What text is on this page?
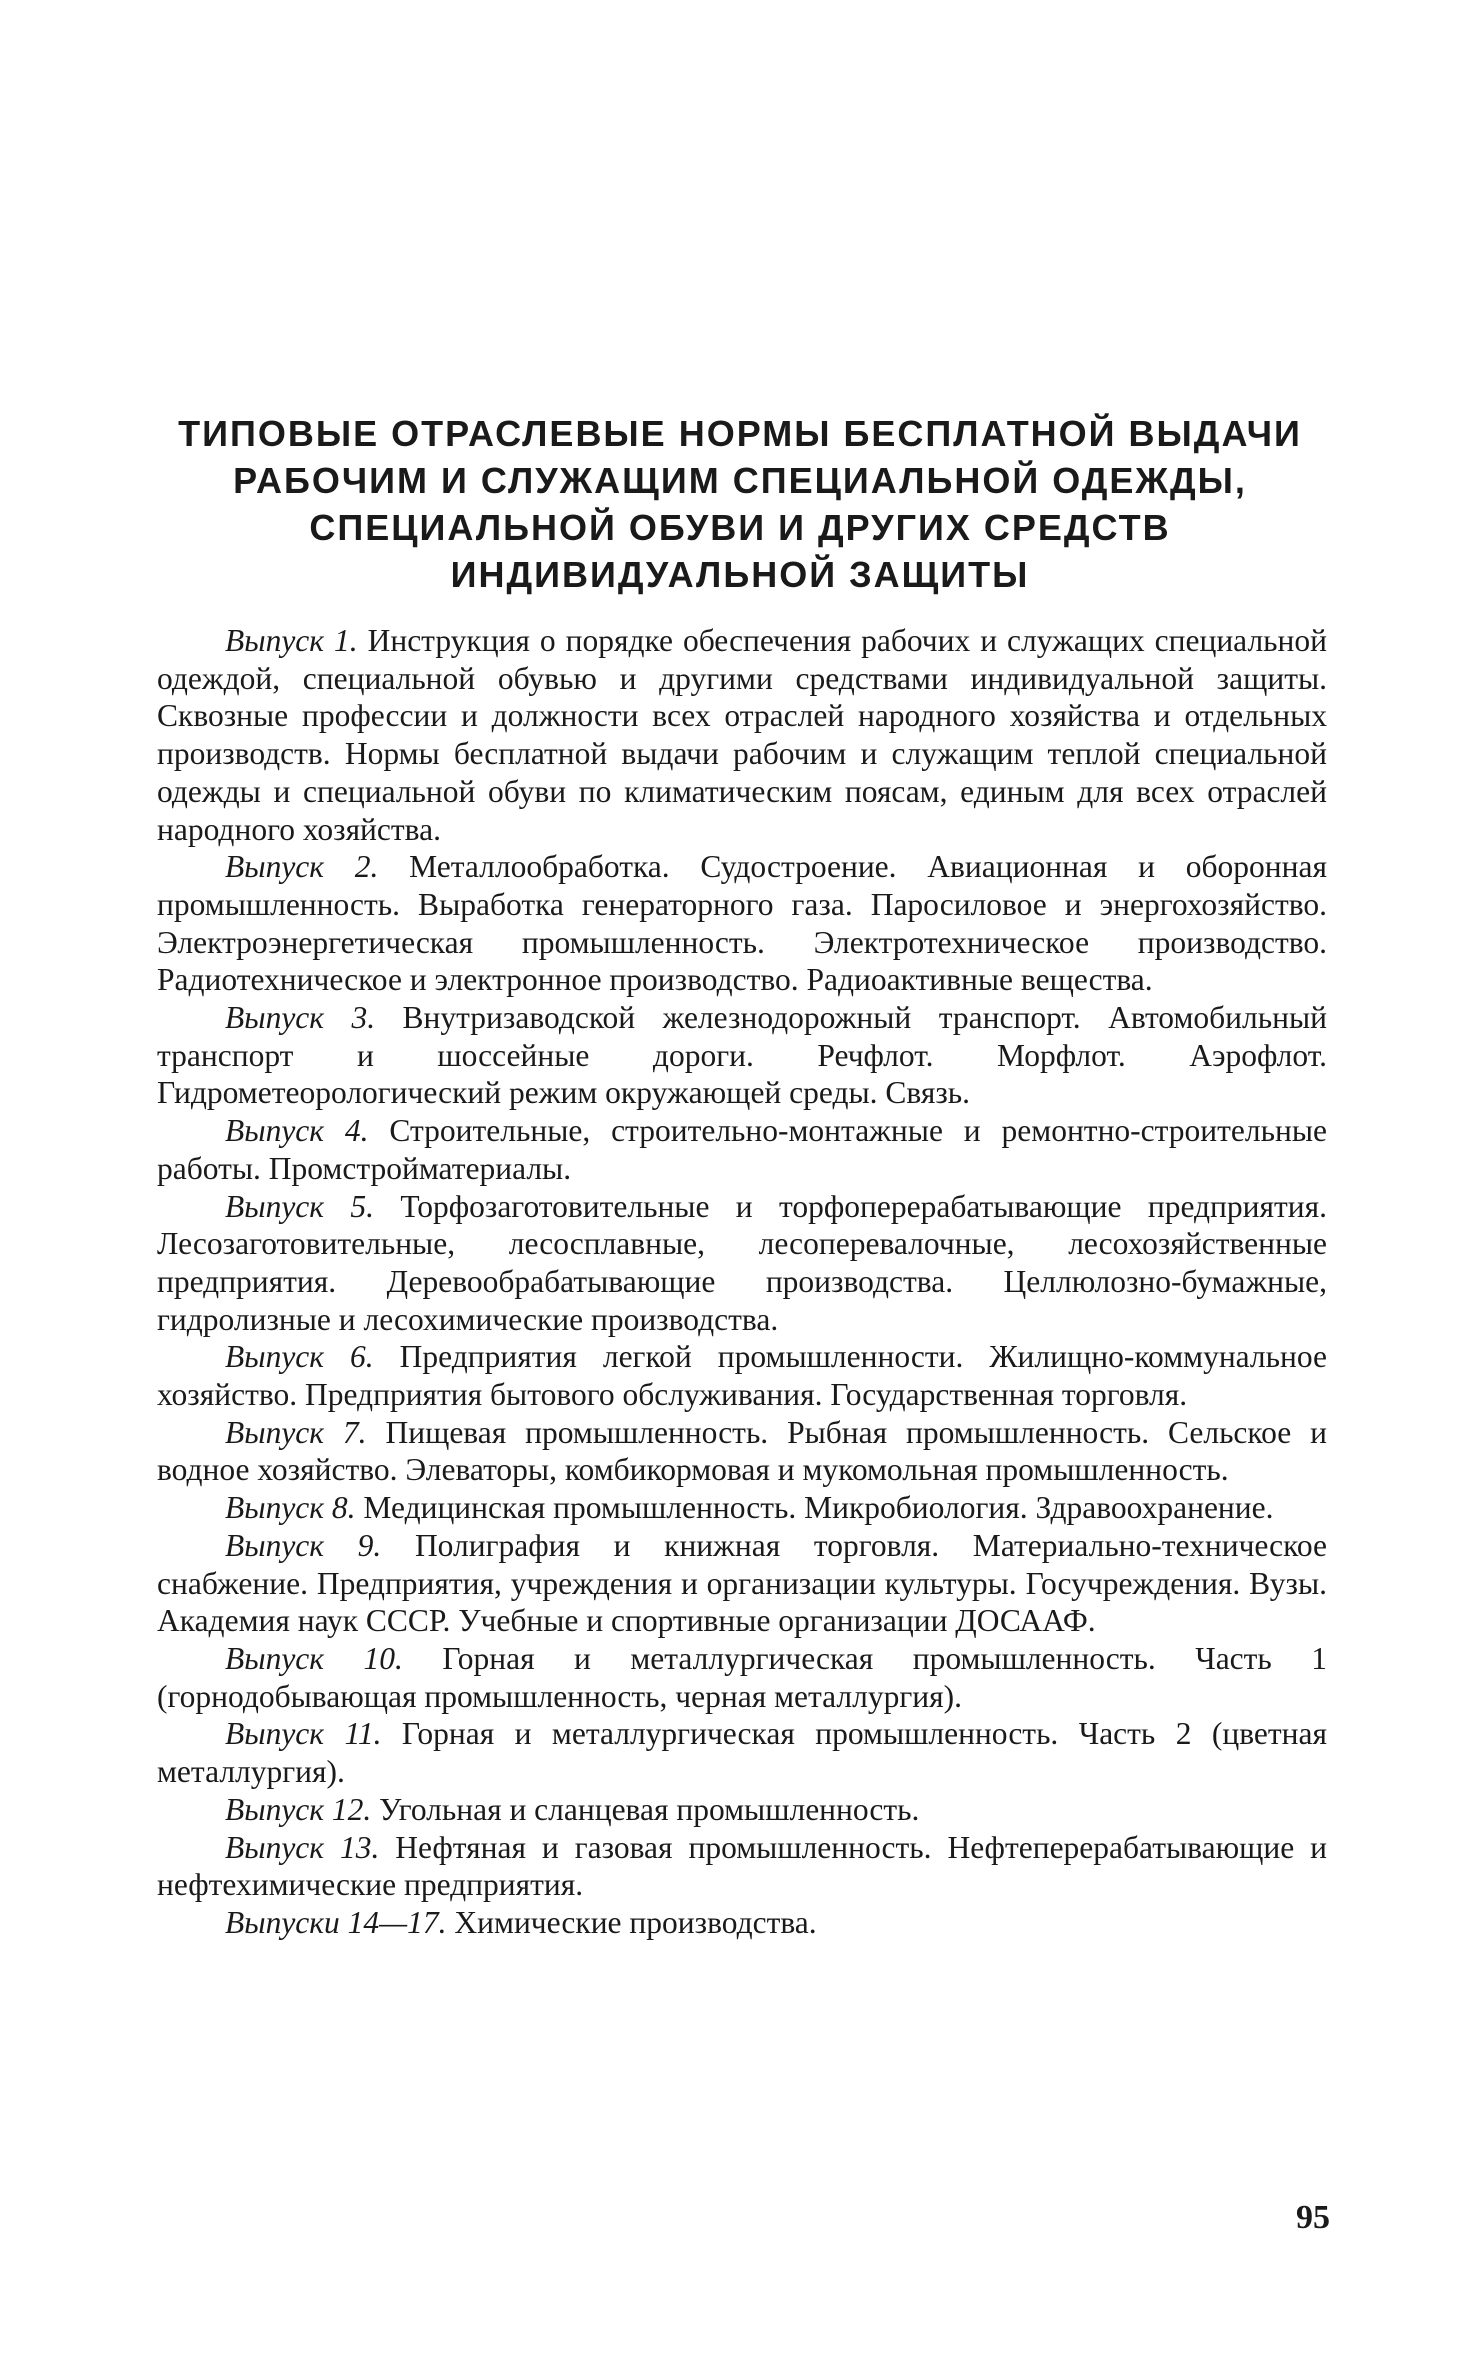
ТИПОВЫЕ ОТРАСЛЕВЫЕ НОРМЫ БЕСПЛАТНОЙ ВЫДАЧИ
РАБОЧИМ И СЛУЖАЩИМ СПЕЦИАЛЬНОЙ ОДЕЖДЫ,
СПЕЦИАЛЬНОЙ ОБУВИ И ДРУГИХ СРЕДСТВ
ИНДИВИДУАЛЬНОЙ ЗАЩИТЫ

Выпуск 1. Инструкция о порядке обеспечения рабочих и служащих специальной одеждой, специальной обувью и другими средствами индивидуальной защиты. Сквозные профессии и должности всех отраслей народного хозяйства и отдельных производств. Нормы бесплатной выдачи рабочим и служащим теплой специальной одежды и специальной обуви по климатическим поясам, единым для всех отраслей народного хозяйства.

Выпуск 2. Металлообработка. Судостроение. Авиационная и оборонная промышленность. Выработка генераторного газа. Паросиловое и энергохозяйство. Электроэнергетическая промышленность. Электротехническое производство. Радиотехническое и электронное производство. Радиоактивные вещества.

Выпуск 3. Внутризаводской железнодорожный транспорт. Автомобильный транспорт и шоссейные дороги. Речфлот. Морфлот. Аэрофлот. Гидрометеорологический режим окружающей среды. Связь.

Выпуск 4. Строительные, строительно-монтажные и ремонтно-строительные работы. Промстройматериалы.

Выпуск 5. Торфозаготовительные и торфоперерабатывающие предприятия. Лесозаготовительные, лесосплавные, лесоперевалочные, лесохозяйственные предприятия. Деревообрабатывающие производства. Целлюлозно-бумажные, гидролизные и лесохимические производства.

Выпуск 6. Предприятия легкой промышленности. Жилищно-коммунальное хозяйство. Предприятия бытового обслуживания. Государственная торговля.

Выпуск 7. Пищевая промышленность. Рыбная промышленность. Сельское и водное хозяйство. Элеваторы, комбикормовая и мукомольная промышленность.

Выпуск 8. Медицинская промышленность. Микробиология. Здравоохранение.

Выпуск 9. Полиграфия и книжная торговля. Материально-техническое снабжение. Предприятия, учреждения и организации культуры. Госучреждения. Вузы. Академия наук СССР. Учебные и спортивные организации ДОСААФ.

Выпуск 10. Горная и металлургическая промышленность. Часть 1 (горнодобывающая промышленность, черная металлургия).

Выпуск 11. Горная и металлургическая промышленность. Часть 2 (цветная металлургия).

Выпуск 12. Угольная и сланцевая промышленность.

Выпуск 13. Нефтяная и газовая промышленность. Нефтеперерабатывающие и нефтехимические предприятия.

Выпуски 14—17. Химические производства.

95
